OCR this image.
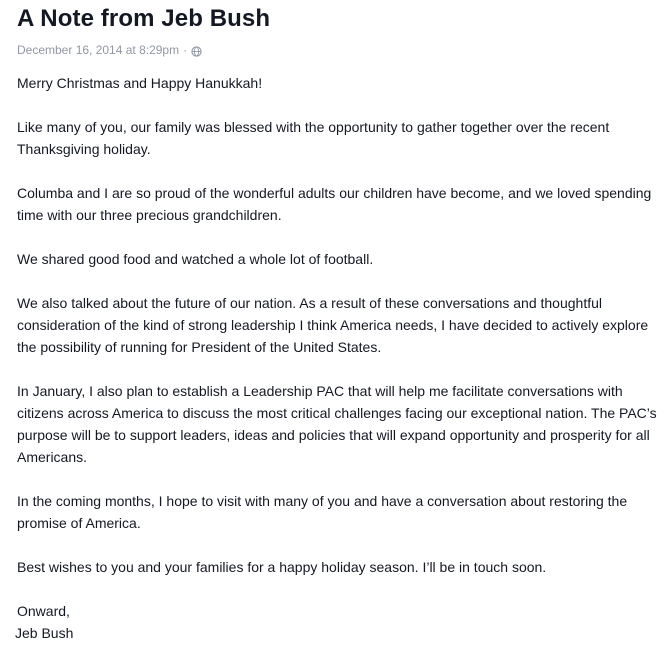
A Note from Jeb Bush
December 16, 2014 at 8:29pm ·

Merry Christmas and Happy Hanukkah!

Like many of you, our family was blessed with the opportunity to gather together over the recent Thanksgiving holiday.

Columba and I are so proud of the wonderful adults our children have become, and we loved spending time with our three precious grandchildren.

We shared good food and watched a whole lot of football.

We also talked about the future of our nation. As a result of these conversations and thoughtful consideration of the kind of strong leadership I think America needs, I have decided to actively explore the possibility of running for President of the United States.

In January, I also plan to establish a Leadership PAC that will help me facilitate conversations with citizens across America to discuss the most critical challenges facing our exceptional nation. The PAC’s purpose will be to support leaders, ideas and policies that will expand opportunity and prosperity for all Americans.

In the coming months, I hope to visit with many of you and have a conversation about restoring the promise of America.

Best wishes to you and your families for a happy holiday season. I’ll be in touch soon.

Onward,

Jeb Bush
